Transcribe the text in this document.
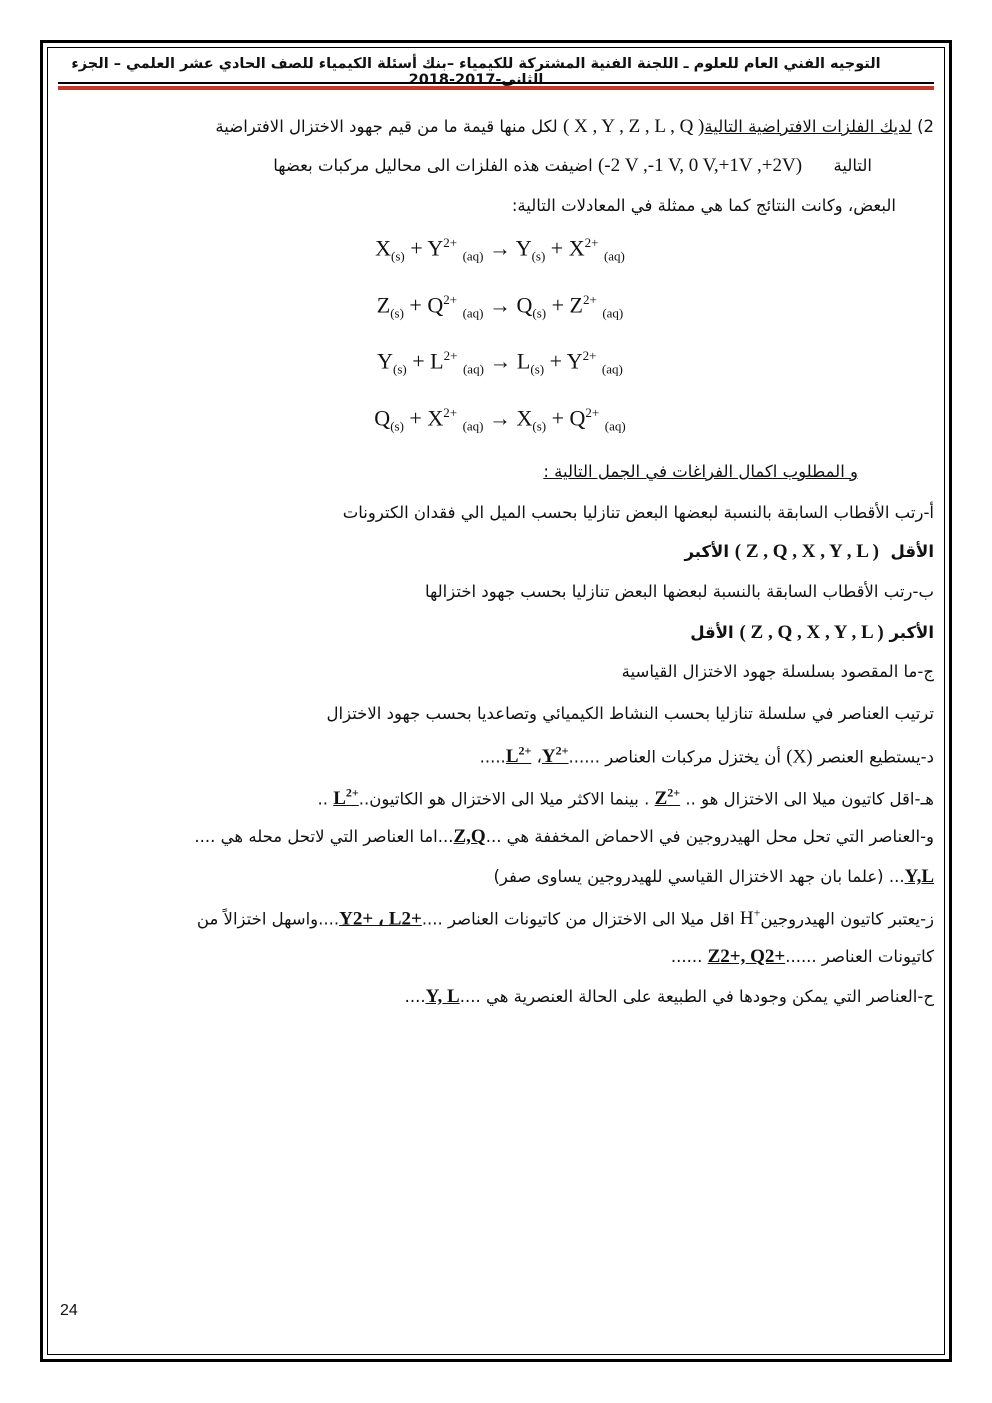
التوجيه الفني العام للعلوم ـ اللجنة الفنية المشتركة للكيمياء –بنك أسئلة الكيمياء للصف الحادي عشر العلمي – الجزء الثاني-2017-2018
2) لديك الفلزات الافتراضية التالية( X , Y , Z , L , Q ) لكل منها قيمة ما من قيم جهود الاختزال الافتراضية
التالية      (-2 V ,-1 V, 0 V,+1V ,+2V) اضيفت هذه الفلزات الى محاليل مركبات بعضها
البعض، وكانت النتائج كما هي ممثلة في المعادلات التالية:
$X_{(s)} + Y^{2+}$ $_{(aq)} \to Y_{(s)} + X^{2+}$ $_{(aq)}$
$Z_{(s)} + Q^{2+}$ $_{(aq)} \to Q_{(s)} + Z^{2+}$ $_{(aq)}$
$Y_{(s)} + L^{2+}$ $_{(aq)} \to L_{(s)} + Y^{2+}$ $_{(aq)}$
$Q_{(s)} + X^{2+}$ $_{(aq)} \to X_{(s)} + Q^{2+}$ $_{(aq)}$
و المطلوب اكمال الفراغات في الجمل التالية :
أ-رتب الأقطاب السابقة بالنسبة لبعضها البعض تنازليا بحسب الميل الي فقدان الكترونات
الأقل  ( Z , Q , X , Y , L ) الأكبر
ب-رتب الأقطاب السابقة بالنسبة لبعضها البعض تنازليا بحسب جهود اختزالها
الأكبر ( Z , Q , X , Y , L ) الأقل
ج-ما المقصود بسلسلة جهود الاختزال القياسية
ترتيب العناصر في سلسلة تنازليا بحسب النشاط الكيميائي وتصاعديا بحسب جهود الاختزال
د-يستطيع العنصر (X) أن يختزل مركبات العناصر $......Y^{2+}،$ $L^{2+}$.....
هـ-اقل كاتيون ميلا الى الاختزال هو .. $Z^{2+}$ . بينما الاكثر ميلا الى الاختزال هو $الكاتيون..L^{2+}$ ..
و-العناصر التي تحل محل الهيدروجين في الاحماض المخففة هي ...Z,Q...اما العناصر التي لاتحل محله هي ....
Y,L... (علما بان جهد الاختزال القياسي للهيدروجين يساوى صفر)
ز-يعتبر كاتيون الهيدروجينH+ اقل ميلا الى الاختزال من كاتيونات العناصر ....Y2+ ، L2+....واسهل اختزالاً من
كاتيونات العناصر ......Z2+, Q2+ ......
ح-العناصر التي يمكن وجودها في الطبيعة على الحالة العنصرية هي ....Y, L....
24
